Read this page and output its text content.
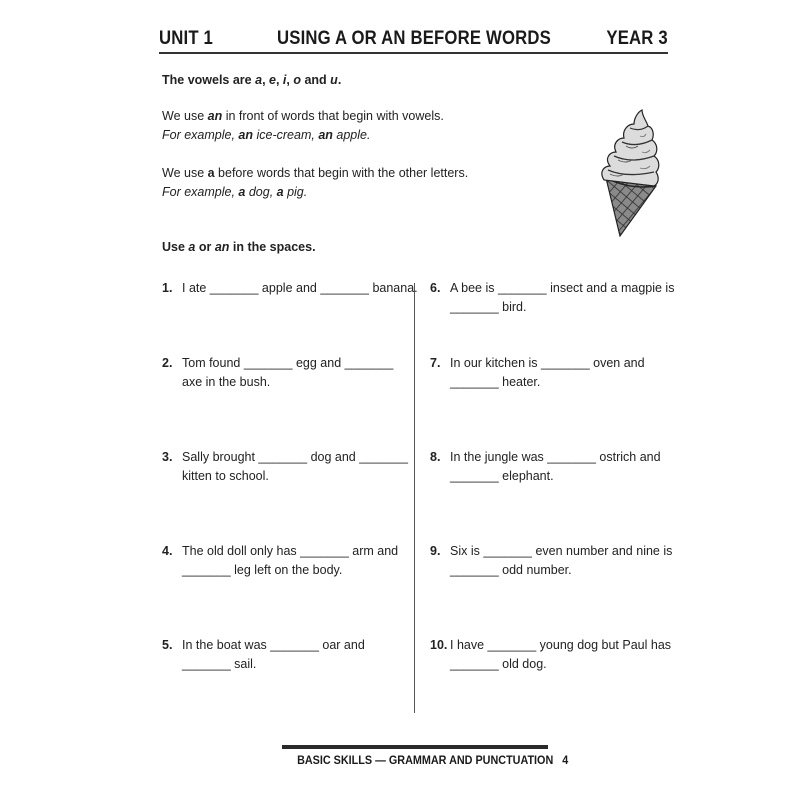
UNIT 1	USING A OR AN BEFORE WORDS	YEAR 3
The vowels are a, e, i, o and u.
We use an in front of words that begin with vowels.
For example, an ice-cream, an apple.
We use a before words that begin with the other letters.
For example, a dog, a pig.
Use a or an in the spaces.
1. I ate _______ apple and _______ banana.
2. Tom found _______ egg and _______
axe in the bush.
3. Sally brought _______ dog and _______
kitten to school.
4. The old doll only has _______ arm and
_______ leg left on the body.
5. In the boat was _______ oar and
_______ sail.
6. A bee is _______ insect and a magpie is
_______ bird.
7. In our kitchen is _______ oven and
_______ heater.
8. In the jungle was _______ ostrich and
_______ elephant.
9. Six is _______ even number and nine is
_______ odd number.
10. I have _______ young dog but Paul has
_______ old dog.
BASIC SKILLS — GRAMMAR AND PUNCTUATION 4
